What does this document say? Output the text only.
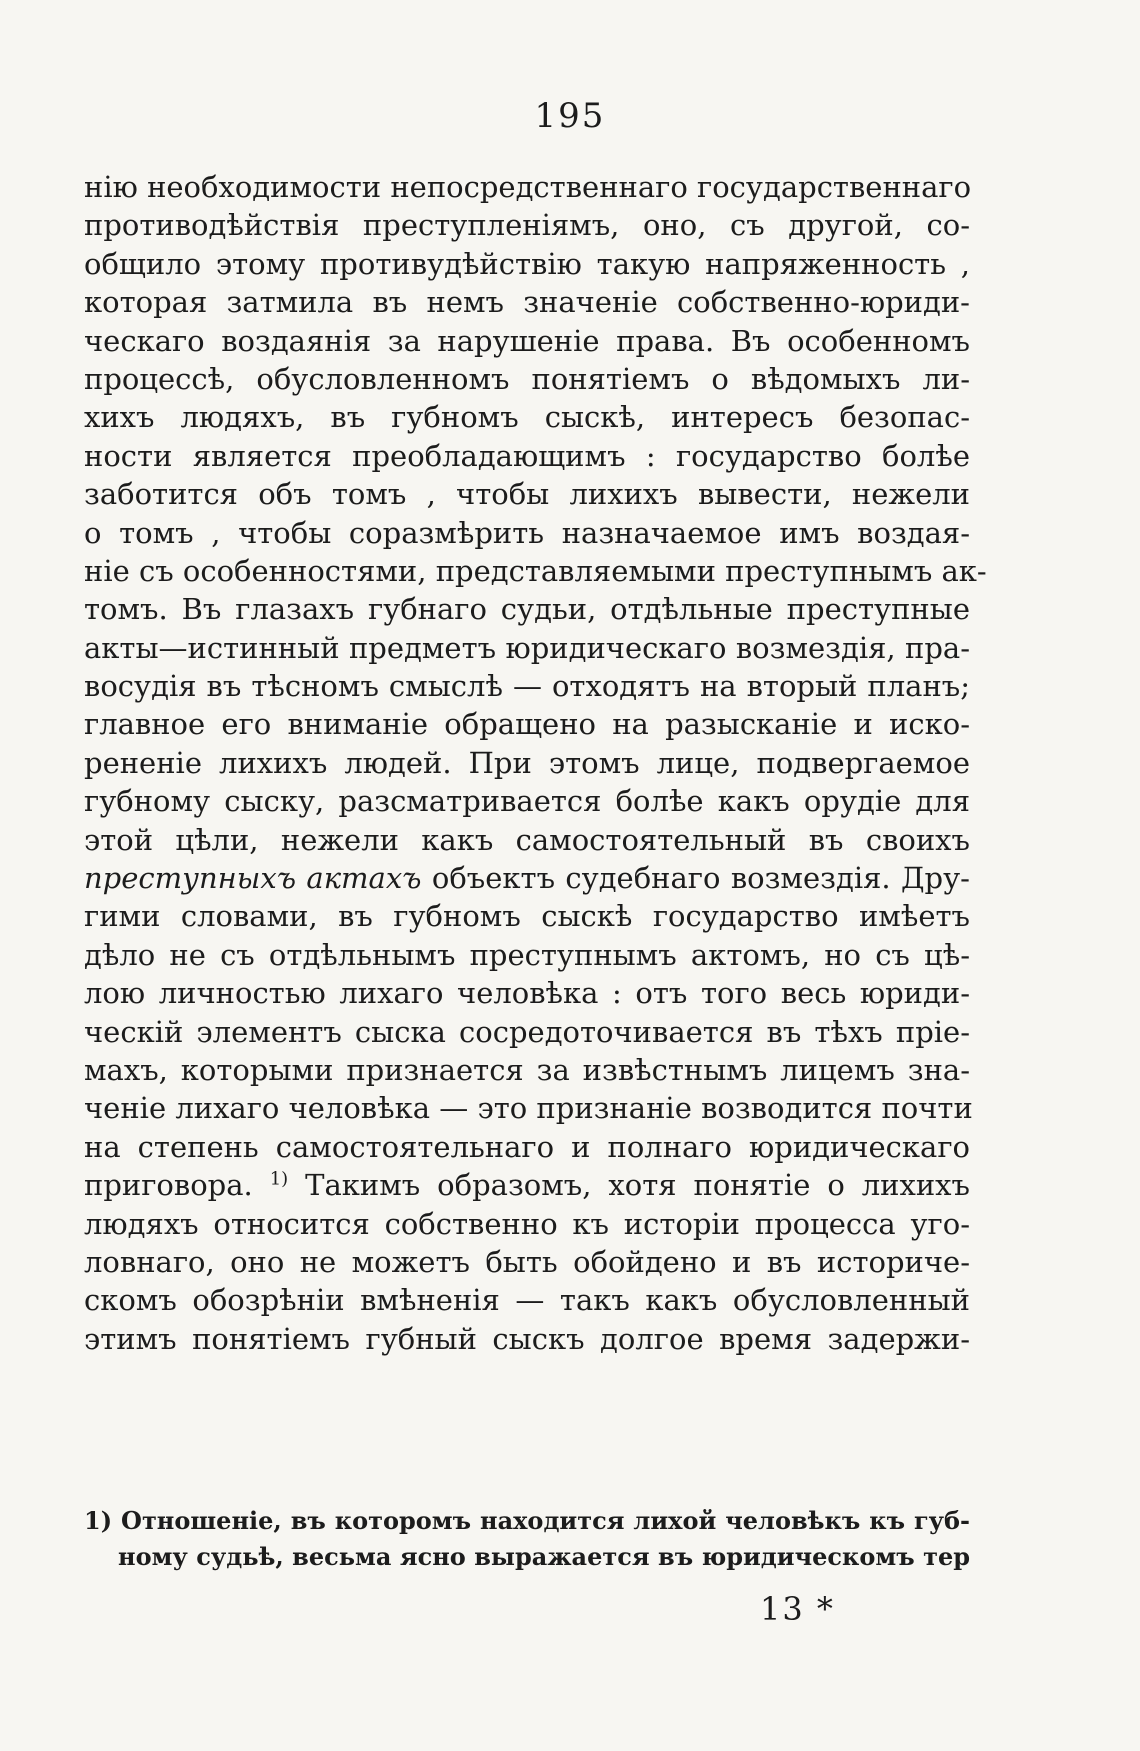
195
нію необходимости непосредственнаго государственнаго
противодѣйствія преступленіямъ, оно, съ другой, со-
общило этому противудѣйствію такую напряженность ,
которая затмила въ немъ значеніе собственно-юриди-
ческаго воздаянія за нарушеніе права. Въ особенномъ
процессѣ, обусловленномъ понятіемъ о вѣдомыхъ ли-
хихъ людяхъ, въ губномъ сыскѣ, интересъ безопас-
ности является преобладающимъ : государство болѣе
заботится объ томъ , чтобы лихихъ вывести, нежели
о томъ , чтобы соразмѣрить назначаемое имъ воздая-
ніе съ особенностями, представляемыми преступнымъ ак-
томъ. Въ глазахъ губнаго судьи, отдѣльные преступные
акты—истинный предметъ юридическаго возмездія, пра-
восудія въ тѣсномъ смыслѣ — отходятъ на вторый планъ;
главное его вниманіе обращено на разысканіе и иско-
рененіе лихихъ людей. При этомъ лице, подвергаемое
губному сыску, разсматривается болѣе какъ орудіе для
этой цѣли, нежели какъ самостоятельный въ своихъ
преступныхъ актахъ объектъ судебнаго возмездія. Дру-
гими словами, въ губномъ сыскѣ государство имѣетъ
дѣло не съ отдѣльнымъ преступнымъ актомъ, но съ цѣ-
лою личностью лихаго человѣка : отъ того весь юриди-
ческій элементъ сыска сосредоточивается въ тѣхъ пріе-
махъ, которыми признается за извѣстнымъ лицемъ зна-
ченіе лихаго человѣка — это признаніе возводится почти
на степень самостоятельнаго и полнаго юридическаго
приговора. $^{1)}$ Такимъ образомъ, хотя понятіе о лихихъ
людяхъ относится собственно къ исторіи процесса уго-
ловнаго, оно не можетъ быть обойдено и въ историче-
скомъ обозрѣніи вмѣненія — такъ какъ обусловленный
этимъ понятіемъ губный сыскъ долгое время задержи-
1) Отношеніе, въ которомъ находится лихой человѣкъ къ губ-
ному судьѣ, весьма ясно выражается въ юридическомъ тер
13 *
